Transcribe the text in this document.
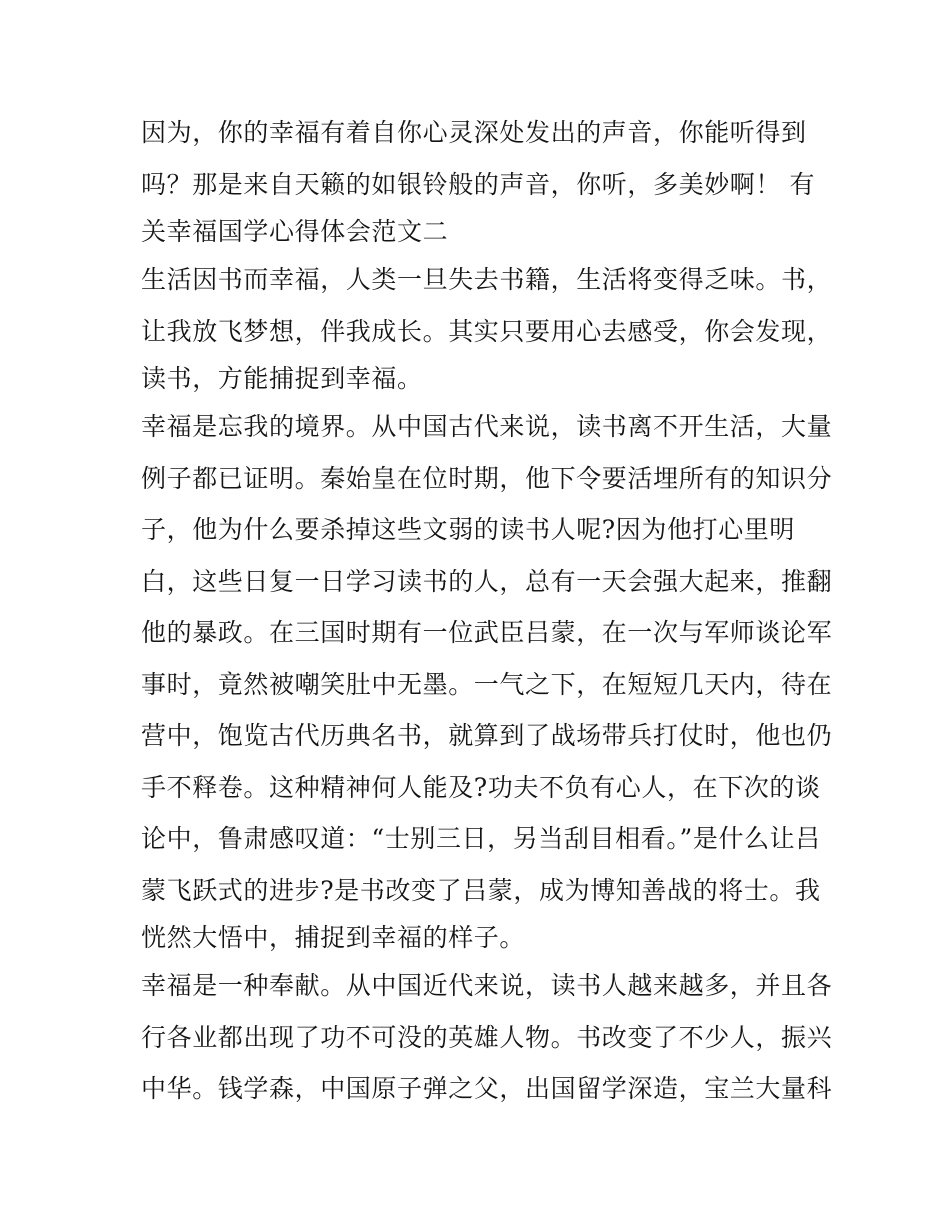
因为，你的幸福有着自你心灵深处发出的声音，你能听得到
吗？那是来自天籁的如银铃般的声音，你听，多美妙啊！ 有
关幸福国学心得体会范文二
生活因书而幸福，人类一旦失去书籍，生活将变得乏味。书，
让我放飞梦想，伴我成长。其实只要用心去感受，你会发现，
读书，方能捕捉到幸福。
幸福是忘我的境界。从中国古代来说，读书离不开生活，大量
例子都已证明。秦始皇在位时期，他下令要活埋所有的知识分
子，他为什么要杀掉这些文弱的读书人呢?因为他打心里明
白，这些日复一日学习读书的人，总有一天会强大起来，推翻
他的暴政。在三国时期有一位武臣吕蒙，在一次与军师谈论军
事时，竟然被嘲笑肚中无墨。一气之下，在短短几天内，待在
营中，饱览古代历典名书，就算到了战场带兵打仗时，他也仍
手不释卷。这种精神何人能及?功夫不负有心人，在下次的谈
论中，鲁肃感叹道：“士别三日，另当刮目相看。”是什么让吕
蒙飞跃式的进步?是书改变了吕蒙，成为博知善战的将士。我
恍然大悟中，捕捉到幸福的样子。
幸福是一种奉献。从中国近代来说，读书人越来越多，并且各
行各业都出现了功不可没的英雄人物。书改变了不少人，振兴
中华。钱学森，中国原子弹之父，出国留学深造，宝兰大量科
